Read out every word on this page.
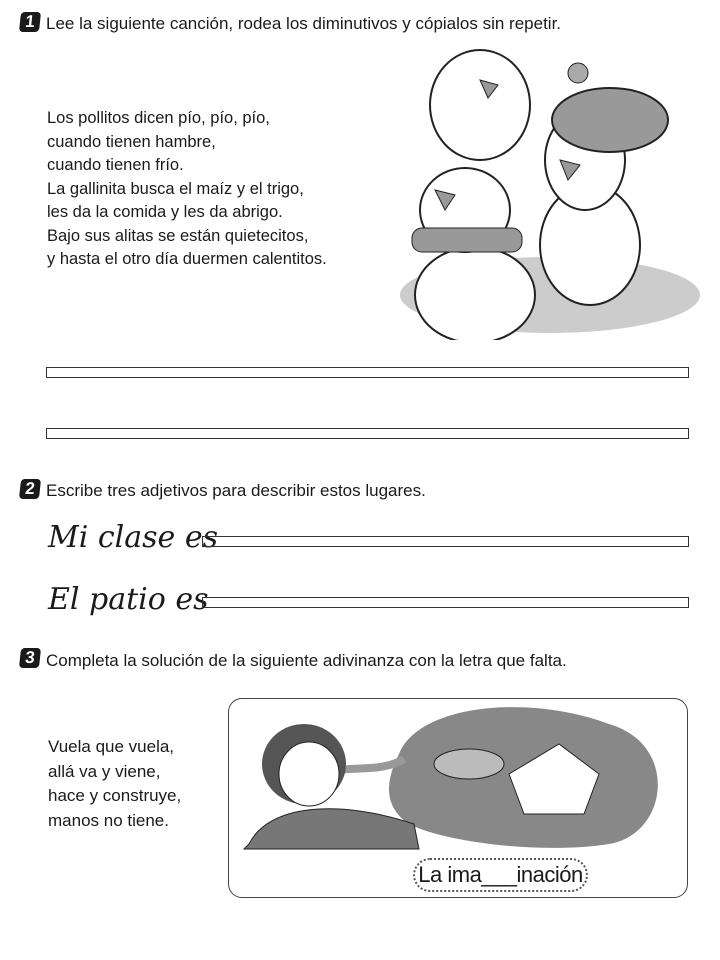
1 Lee la siguiente canción, rodea los diminutivos y cópialos sin repetir.
Los pollitos dicen pío, pío, pío,
cuando tienen hambre,
cuando tienen frío.
La gallinita busca el maíz y el trigo,
les da la comida y les da abrigo.
Bajo sus alitas se están quietecitos,
y hasta el otro día duermen calentitos.
2 Escribe tres adjetivos para describir estos lugares.
Mi clase es
El patio es
3 Completa la solución de la siguiente adivinanza con la letra que falta.
Vuela que vuela,
allá va y viene,
hace y construye,
manos no tiene.
La ima___inación
